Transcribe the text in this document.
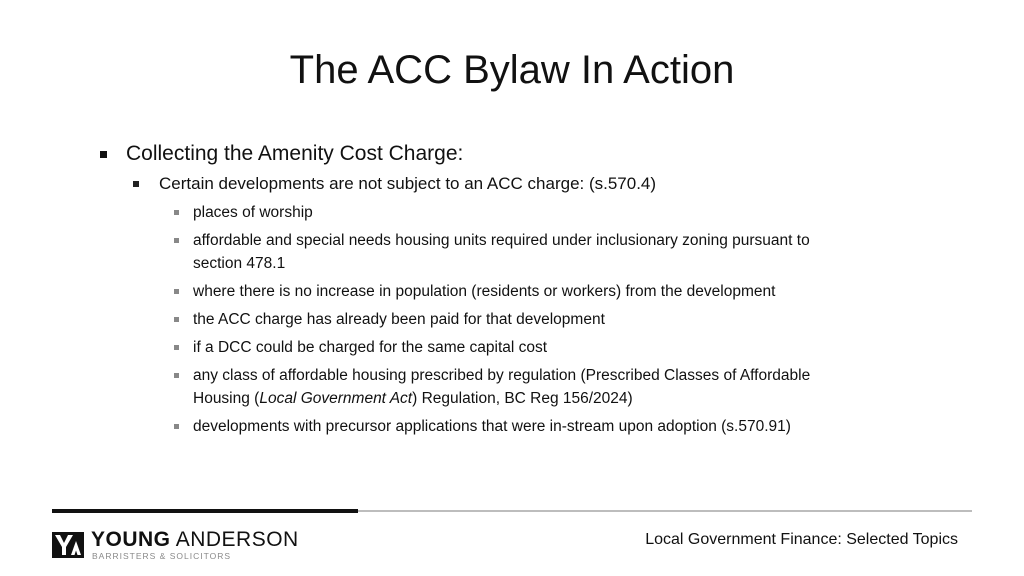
The ACC Bylaw In Action
Collecting the Amenity Cost Charge:
Certain developments are not subject to an ACC charge: (s.570.4)
places of worship
affordable and special needs housing units required under inclusionary zoning pursuant to section 478.1
where there is no increase in population (residents or workers) from the development
the ACC charge has already been paid for that development
if a DCC could be charged for the same capital cost
any class of affordable housing prescribed by regulation (Prescribed Classes of Affordable Housing (Local Government Act) Regulation, BC Reg 156/2024)
developments with precursor applications that were in-stream upon adoption (s.570.91)
YOUNG ANDERSON
BARRISTERS & SOLICITORS
Local Government Finance: Selected Topics
